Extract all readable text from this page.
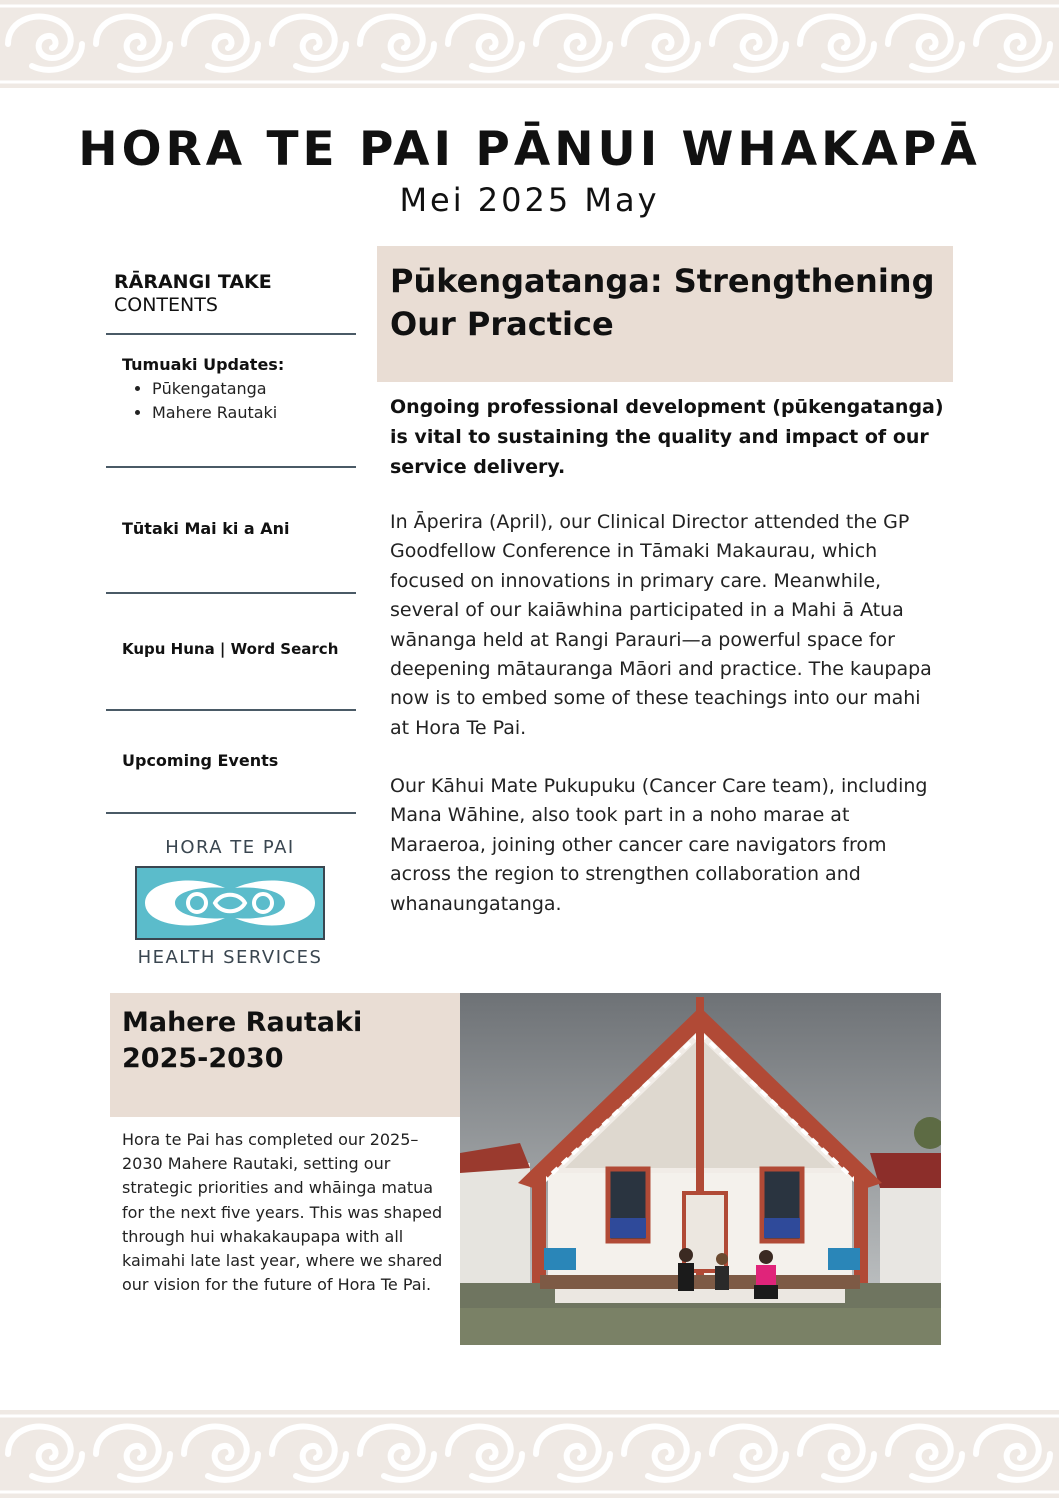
HORA TE PAI PĀNUI WHAKAPĀ
Mei 2025 May
RĀRANGI TAKE
CONTENTS
Tumuaki Updates:
• Pūkengatanga
• Mahere Rautaki
Tūtaki Mai ki a Ani
Kupu Huna | Word Search
Upcoming Events
HORA TE PAI
HEALTH SERVICES
Pūkengatanga: Strengthening Our Practice

Ongoing professional development (pūkengatanga) is vital to sustaining the quality and impact of our service delivery.

In Āperira (April), our Clinical Director attended the GP Goodfellow Conference in Tāmaki Makaurau, which focused on innovations in primary care. Meanwhile, several of our kaiāwhina participated in a Mahi ā Atua wānanga held at Rangi Parauri—a powerful space for deepening mātauranga Māori and practice. The kaupapa now is to embed some of these teachings into our mahi at Hora Te Pai.

Our Kāhui Mate Pukupuku (Cancer Care team), including Mana Wāhine, also took part in a noho marae at Maraeroa, joining other cancer care navigators from across the region to strengthen collaboration and whanaungatanga.

Mahere Rautaki 2025-2030

Hora te Pai has completed our 2025–2030 Mahere Rautaki, setting our strategic priorities and whāinga matua for the next five years. This was shaped through hui whakakaupapa with all kaimahi late last year, where we shared our vision for the future of Hora Te Pai.
